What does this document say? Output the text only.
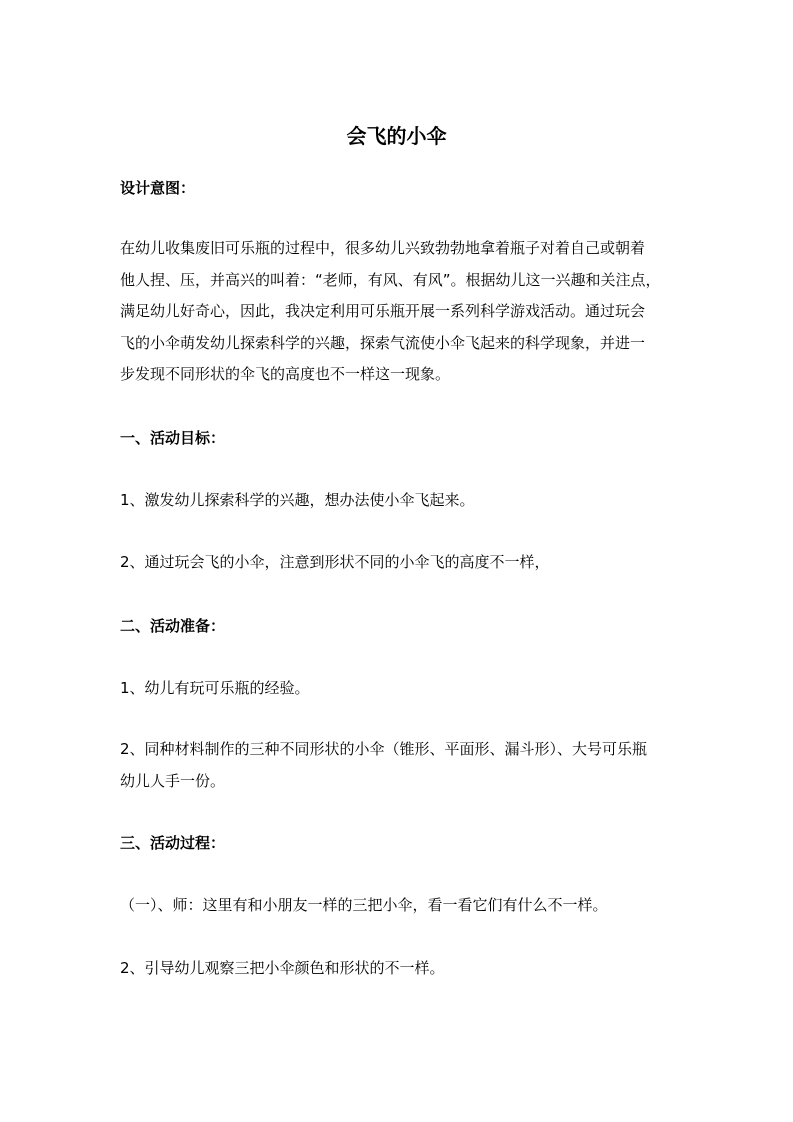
会飞的小伞
设计意图：
在幼儿收集废旧可乐瓶的过程中，很多幼儿兴致勃勃地拿着瓶子对着自己或朝着
他人捏、压，并高兴的叫着：“老师，有风、有风”。根据幼儿这一兴趣和关注点，
满足幼儿好奇心，因此，我决定利用可乐瓶开展一系列科学游戏活动。通过玩会
飞的小伞萌发幼儿探索科学的兴趣，探索气流使小伞飞起来的科学现象，并进一
步发现不同形状的伞飞的高度也不一样这一现象。
一、活动目标：
1、激发幼儿探索科学的兴趣，想办法使小伞飞起来。
2、通过玩会飞的小伞，注意到形状不同的小伞飞的高度不一样，
二、活动准备：
1、幼儿有玩可乐瓶的经验。
2、同种材料制作的三种不同形状的小伞（锥形、平面形、漏斗形）、大号可乐瓶
幼儿人手一份。
三、活动过程：
（一）、师：这里有和小朋友一样的三把小伞，看一看它们有什么不一样。
2、引导幼儿观察三把小伞颜色和形状的不一样。
